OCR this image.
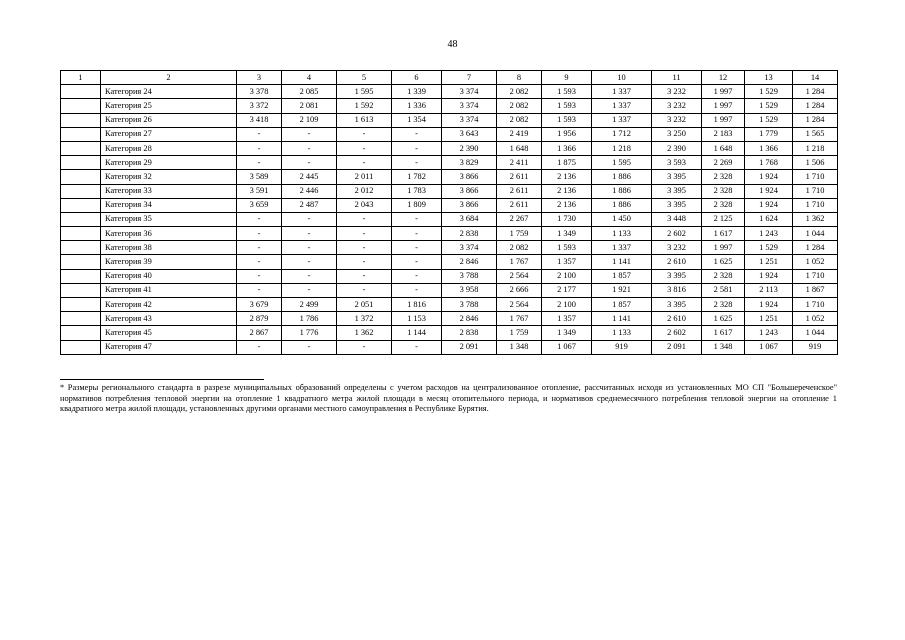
48
1	2	3	4	5	6	7	8	9	10	11	12	13	14
	Категория 24	3 378	2 085	1 595	1 339	3 374	2 082	1 593	1 337	3 232	1 997	1 529	1 284
	Категория 25	3 372	2 081	1 592	1 336	3 374	2 082	1 593	1 337	3 232	1 997	1 529	1 284
	Категория 26	3 418	2 109	1 613	1 354	3 374	2 082	1 593	1 337	3 232	1 997	1 529	1 284
	Категория 27	-	-	-	-	3 643	2 419	1 956	1 712	3 250	2 183	1 779	1 565
	Категория 28	-	-	-	-	2 390	1 648	1 366	1 218	2 390	1 648	1 366	1 218
	Категория 29	-	-	-	-	3 829	2 411	1 875	1 595	3 593	2 269	1 768	1 506
	Категория 32	3 589	2 445	2 011	1 782	3 866	2 611	2 136	1 886	3 395	2 328	1 924	1 710
	Категория 33	3 591	2 446	2 012	1 783	3 866	2 611	2 136	1 886	3 395	2 328	1 924	1 710
	Категория 34	3 659	2 487	2 043	1 809	3 866	2 611	2 136	1 886	3 395	2 328	1 924	1 710
	Категория 35	-	-	-	-	3 684	2 267	1 730	1 450	3 448	2 125	1 624	1 362
	Категория 36	-	-	-	-	2 838	1 759	1 349	1 133	2 602	1 617	1 243	1 044
	Категория 38	-	-	-	-	3 374	2 082	1 593	1 337	3 232	1 997	1 529	1 284
	Категория 39	-	-	-	-	2 846	1 767	1 357	1 141	2 610	1 625	1 251	1 052
	Категория 40	-	-	-	-	3 788	2 564	2 100	1 857	3 395	2 328	1 924	1 710
	Категория 41	-	-	-	-	3 958	2 666	2 177	1 921	3 816	2 581	2 113	1 867
	Категория 42	3 679	2 499	2 051	1 816	3 788	2 564	2 100	1 857	3 395	2 328	1 924	1 710
	Категория 43	2 879	1 786	1 372	1 153	2 846	1 767	1 357	1 141	2 610	1 625	1 251	1 052
	Категория 45	2 867	1 776	1 362	1 144	2 838	1 759	1 349	1 133	2 602	1 617	1 243	1 044
	Категория 47	-	-	-	-	2 091	1 348	1 067	919	2 091	1 348	1 067	919
* Размеры регионального стандарта в разрезе муниципальных образований определены с учетом расходов на централизованное отопление, рассчитанных исходя из установленных МО СП "Большереченское" нормативов потребления тепловой энергии на отопление 1 квадратного метра жилой площади в месяц отопительного периода, и нормативов среднемесячного потребления тепловой энергии на отопление 1 квадратного метра жилой площади, установленных другими органами местного самоуправления в Республике Бурятия.
